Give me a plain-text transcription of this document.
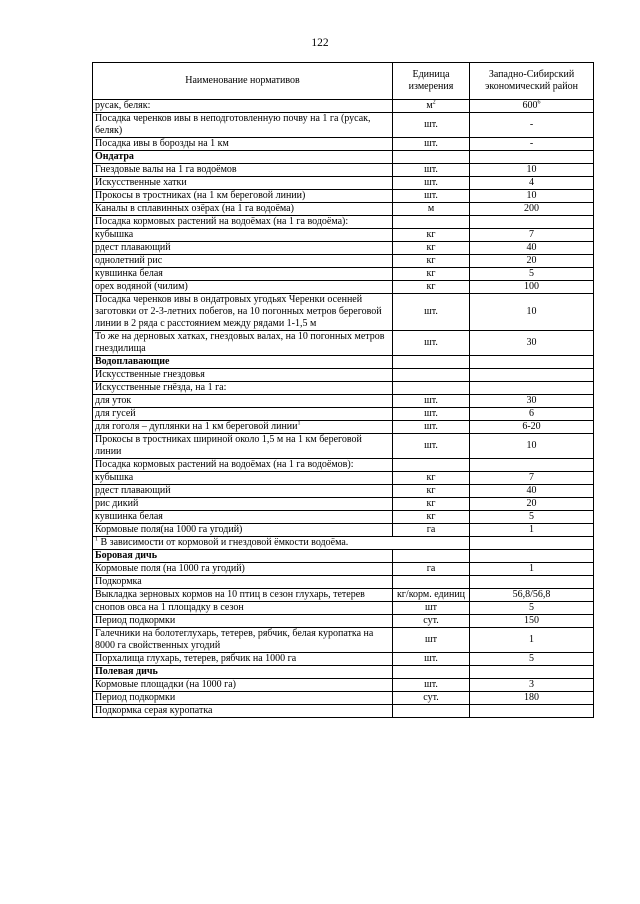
122
Наименование нормативов	Единица измерения	Западно-Сибирский экономический район
русак, беляк:	$м^2$	$600^6$
Посадка черенков ивы в неподготовленную почву на 1 га (русак, беляк)	шт.	-
Посадка ивы в борозды на 1 км	шт.	-
Ондатра		
Гнездовые валы на 1 га водоёмов	шт.	10
Искусственные хатки	шт.	4
Прокосы в тростниках (на 1 км береговой линии)	шт.	10
Каналы в сплавинных озёрах (на 1 га водоёма)	м	200
Посадка кормовых растений на водоёмах (на 1 га водоёма):		
кубышка	кг	7
рдест плавающий	кг	40
однолетний рис	кг	20
кувшинка белая	кг	5
орех водяной (чилим)	кг	100
Посадка черенков ивы в ондатровых угодьях Черенки осенней заготовки от 2-3-летних побегов, на 10 погонных метров береговой линии в 2 ряда с расстоянием между рядами 1-1,5 м	шт.	10
То же на дерновых хатках, гнездовых валах, на 10 погонных метров гнездилища	шт.	30
Водоплавающие		
Искусственные гнездовья		
Искусственные гнёзда, на 1 га:		
для уток	шт.	30
для гусей	шт.	6
для гоголя – дуплянки на 1 км береговой линии$^1$	шт.	6-20
Прокосы в тростниках шириной около 1,5 м на 1 км береговой линии	шт.	10
Посадка кормовых растений на водоёмах (на 1 га водоёмов):		
кубышка	кг	7
рдест плавающий	кг	40
рис дикий	кг	20
кувшинка белая	кг	5
Кормовые поля(на 1000 га угодий)	га	1
$^1$ В зависимости от кормовой и гнездовой ёмкости водоёма.		
Боровая дичь		
Кормовые поля (на 1000 га угодий)	га	1
Подкормка		
Выкладка зерновых кормов на 10 птиц в сезон глухарь, тетерев	кг/корм. единиц	56,8/56,8
снопов овса на 1 площадку в сезон	шт	5
Период подкормки	сут.	150
Галечники на болотеглухарь, тетерев, рябчик, белая куропатка на 8000 га свойственных угодий	шт	1
Порхалища глухарь, тетерев, рябчик на 1000 га	шт.	5
Полевая дичь		
Кормовые площадки (на 1000 га)	шт.	3
Период подкормки	сут.	180
Подкормка серая куропатка		
